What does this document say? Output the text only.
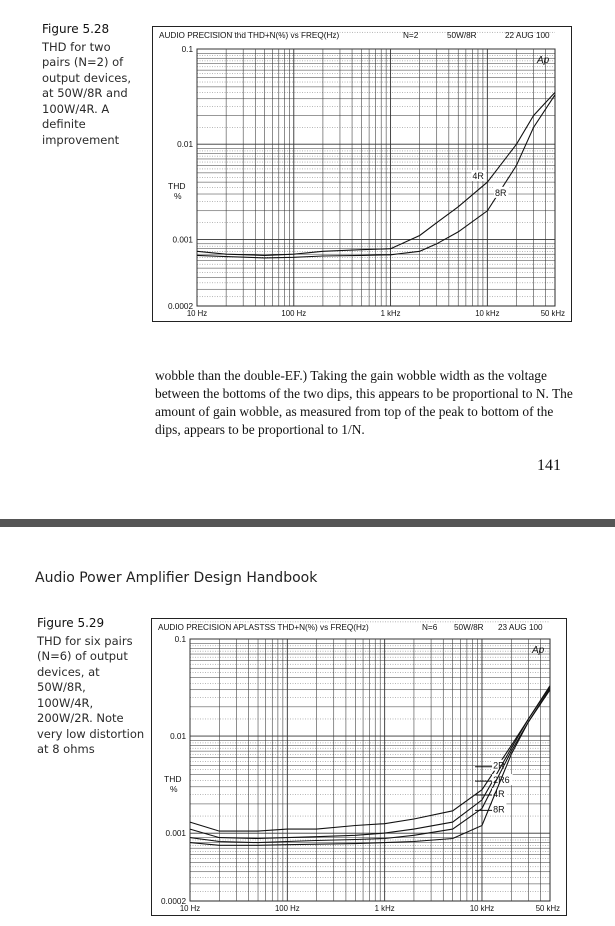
Figure 5.28
THD for two pairs (N=2) of output devices, at 50W/8R and 100W/4R. A definite improvement
AUDIO PRECISION thd THD+N(%) vs FREQ(Hz)	N=2	50W/8R	22 AUG 100
0.1
0.01
0.001
0.0002
THD
%
10 Hz	100 Hz	1 kHz	10 kHz	50 kHz
Ap
4R
8R
wobble than the double-EF.) Taking the gain wobble width as the voltage between the bottoms of the two dips, this appears to be proportional to N. The amount of gain wobble, as measured from top of the peak to bottom of the dips, appears to be proportional to 1/N.
141
Audio Power Amplifier Design Handbook
Figure 5.29
THD for six pairs (N=6) of output devices, at 50W/8R, 100W/4R, 200W/2R. Note very low distortion at 8 ohms
AUDIO PRECISION APLASTSS THD+N(%) vs FREQ(Hz)	N=6 50W/8R 23 AUG 100
0.1
0.01
0.001
0.0002
THD
%
10 Hz	100 Hz	1 kHz	10 kHz	50 kHz
Ap
2R
2R6
4R
8R
